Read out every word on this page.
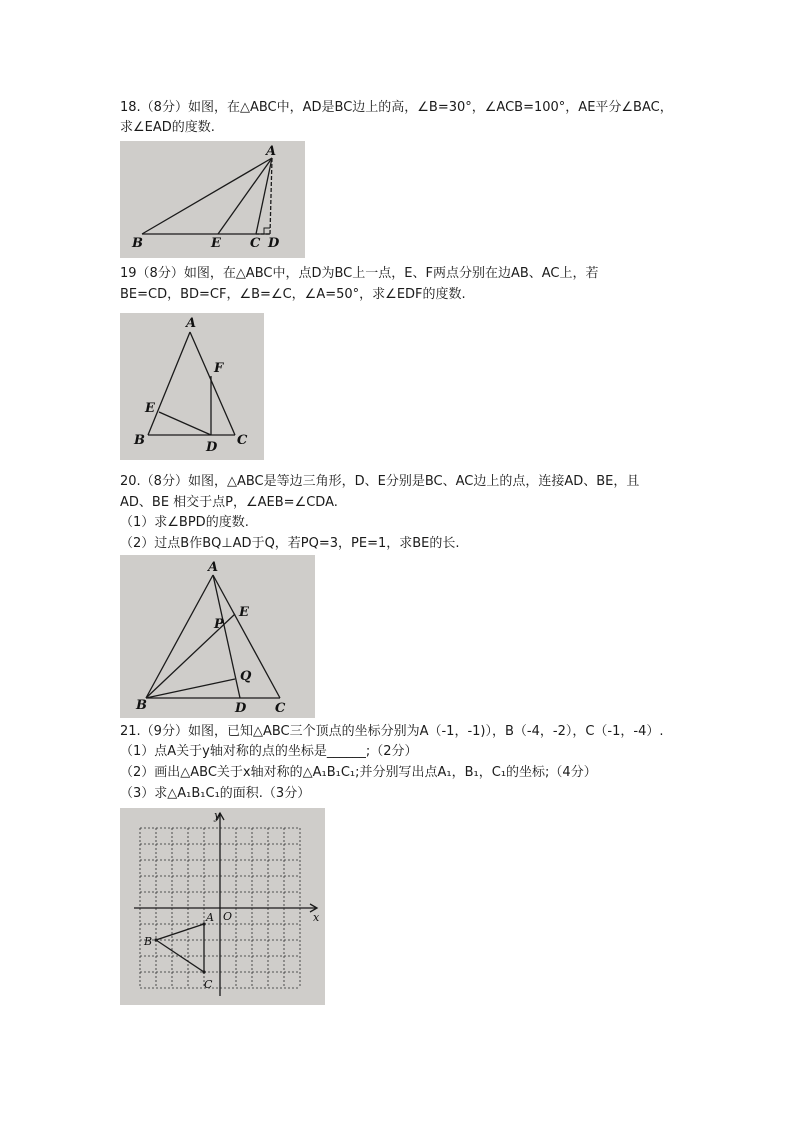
18.（8分）如图，在△ABC中，AD是BC边上的高，∠B=30°，∠ACB=100°，AE平分∠BAC，
求∠EAD的度数.
A
B	E C D
19（8分）如图，在△ABC中，点D为BC上一点，E、F两点分别在边AB、AC上，若
BE=CD，BD=CF，∠B=∠C，∠A=50°，求∠EDF的度数.
A
F
E
B	D C
20.（8分）如图，△ABC是等边三角形，D、E分别是BC、AC边上的点，连接AD、BE，且
AD、BE 相交于点P，∠AEB=∠CDA.
（1）求∠BPD的度数.
（2）过点B作BQ⊥AD于Q，若PQ=3，PE=1，求BE的长.
A
E
P
Q
B	D C
21.（9分）如图，已知△ABC三个顶点的坐标分别为A（-1，-1)），B（-4，-2），C（-1，-4）.
（1）点A关于y轴对称的点的坐标是______;（2分）
（2）画出△ABC关于x轴对称的△A₁B₁C₁;并分别写出点A₁，B₁，C₁的坐标;（4分）
（3）求△A₁B₁C₁的面积.（3分）
y
x
O
A
B
C
